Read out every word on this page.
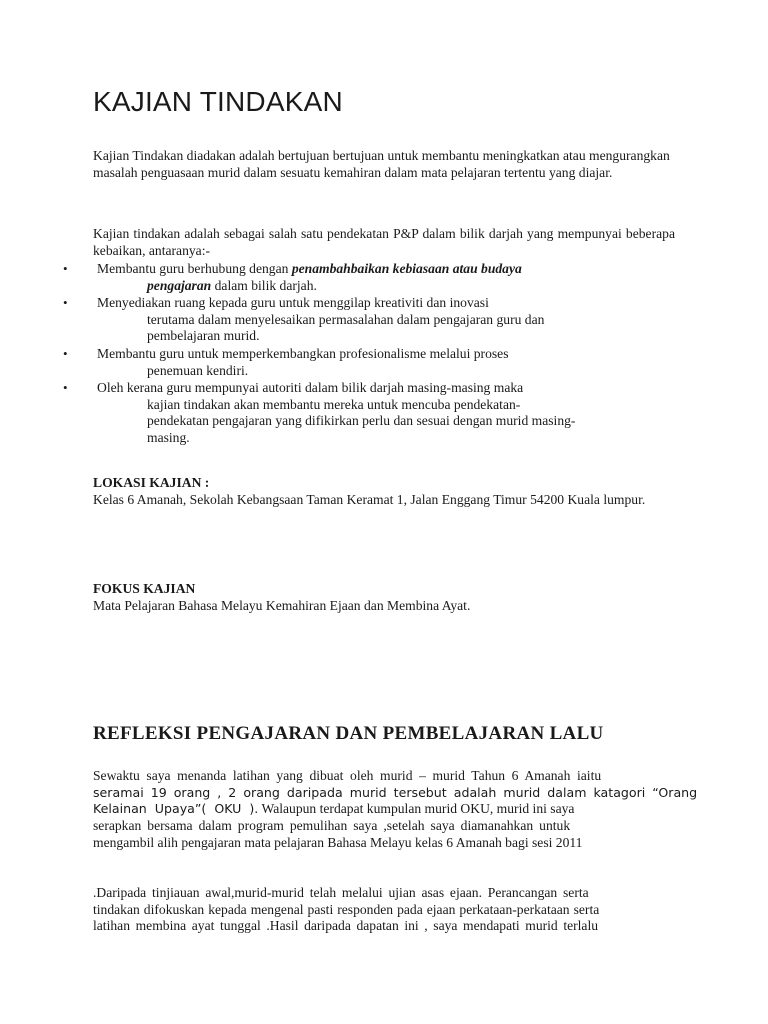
KAJIAN TINDAKAN

Kajian Tindakan diadakan adalah bertujuan bertujuan untuk membantu meningkatkan atau mengurangkan masalah penguasaan murid dalam sesuatu kemahiran dalam mata pelajaran tertentu yang diajar.

Kajian tindakan adalah sebagai salah satu pendekatan P&P dalam bilik darjah yang mempunyai beberapa kebaikan, antaranya:-

• Membantu guru berhubung dengan penambahbaikan kebiasaan atau budaya
pengajaran dalam bilik darjah.
• Menyediakan ruang kepada guru untuk menggilap kreativiti dan inovasi
terutama dalam menyelesaikan permasalahan dalam pengajaran guru dan
pembelajaran murid.
• Membantu guru untuk memperkembangkan profesionalisme melalui proses
penemuan kendiri.
• Oleh kerana guru mempunyai autoriti dalam bilik darjah masing-masing maka
kajian tindakan akan membantu mereka untuk mencuba pendekatan-
pendekatan pengajaran yang difikirkan perlu dan sesuai dengan murid masing-
masing.

LOKASI KAJIAN :

Kelas 6 Amanah, Sekolah Kebangsaan Taman Keramat 1, Jalan Enggang Timur 54200 Kuala lumpur.

FOKUS KAJIAN

Mata Pelajaran Bahasa Melayu Kemahiran Ejaan dan Membina Ayat.

REFLEKSI PENGAJARAN DAN PEMBELAJARAN LALU
Sewaktu saya menanda latihan yang dibuat oleh murid – murid Tahun 6 Amanah iaitu
seramai 19 orang , 2 orang daripada murid tersebut adalah murid dalam katagori “Orang
Kelainan Upaya”( OKU ). Walaupun terdapat kumpulan murid OKU, murid ini saya
serapkan bersama dalam program pemulihan saya ,setelah saya diamanahkan untuk
mengambil alih pengajaran mata pelajaran Bahasa Melayu kelas 6 Amanah bagi sesi 2011
.Daripada tinjiauan awal,murid-murid telah melalui ujian asas ejaan. Perancangan serta
tindakan difokuskan kepada mengenal pasti responden pada ejaan perkataan-perkataan serta
latihan membina ayat tunggal .Hasil daripada dapatan ini , saya mendapati murid terlalu
